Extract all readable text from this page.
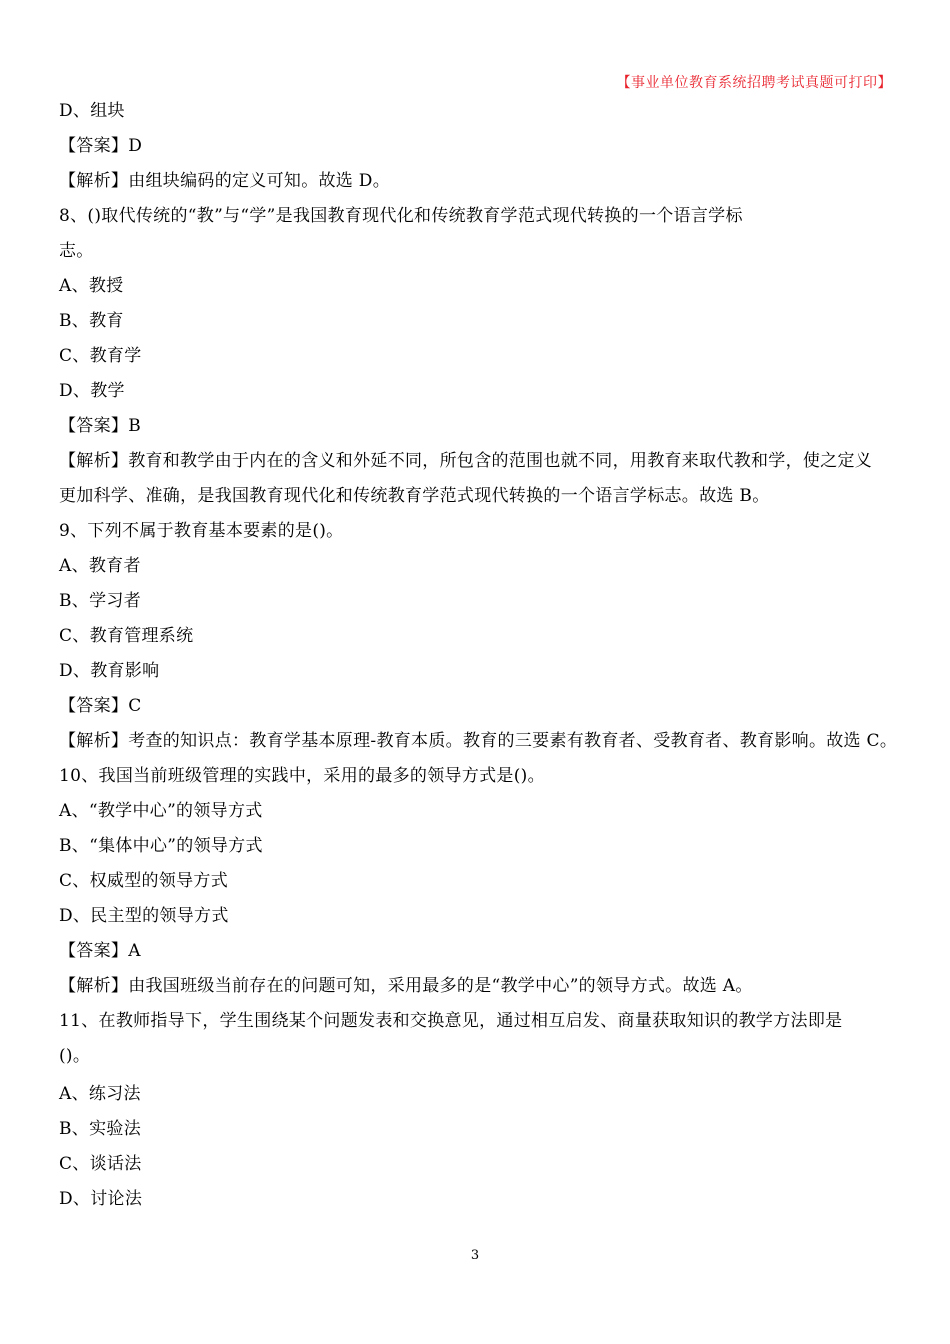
【事业单位教育系统招聘考试真题可打印】
D、组块
【答案】D
【解析】由组块编码的定义可知。故选 D。
8、()取代传统的“教”与“学”是我国教育现代化和传统教育学范式现代转换的一个语言学标
志。
A、教授
B、教育
C、教育学
D、教学
【答案】B
【解析】教育和教学由于内在的含义和外延不同，所包含的范围也就不同，用教育来取代教和学，使之定义
更加科学、准确，是我国教育现代化和传统教育学范式现代转换的一个语言学标志。故选 B。
9、下列不属于教育基本要素的是()。
A、教育者
B、学习者
C、教育管理系统
D、教育影响
【答案】C
【解析】考查的知识点：教育学基本原理-教育本质。教育的三要素有教育者、受教育者、教育影响。故选 C。
10、我国当前班级管理的实践中，采用的最多的领导方式是()。
A、“教学中心”的领导方式
B、“集体中心”的领导方式
C、权威型的领导方式
D、民主型的领导方式
【答案】A
【解析】由我国班级当前存在的问题可知，采用最多的是“教学中心”的领导方式。故选 A。
11、在教师指导下，学生围绕某个问题发表和交换意见，通过相互启发、商量获取知识的教学方法即是
()。
A、练习法
B、实验法
C、谈话法
D、讨论法
3
